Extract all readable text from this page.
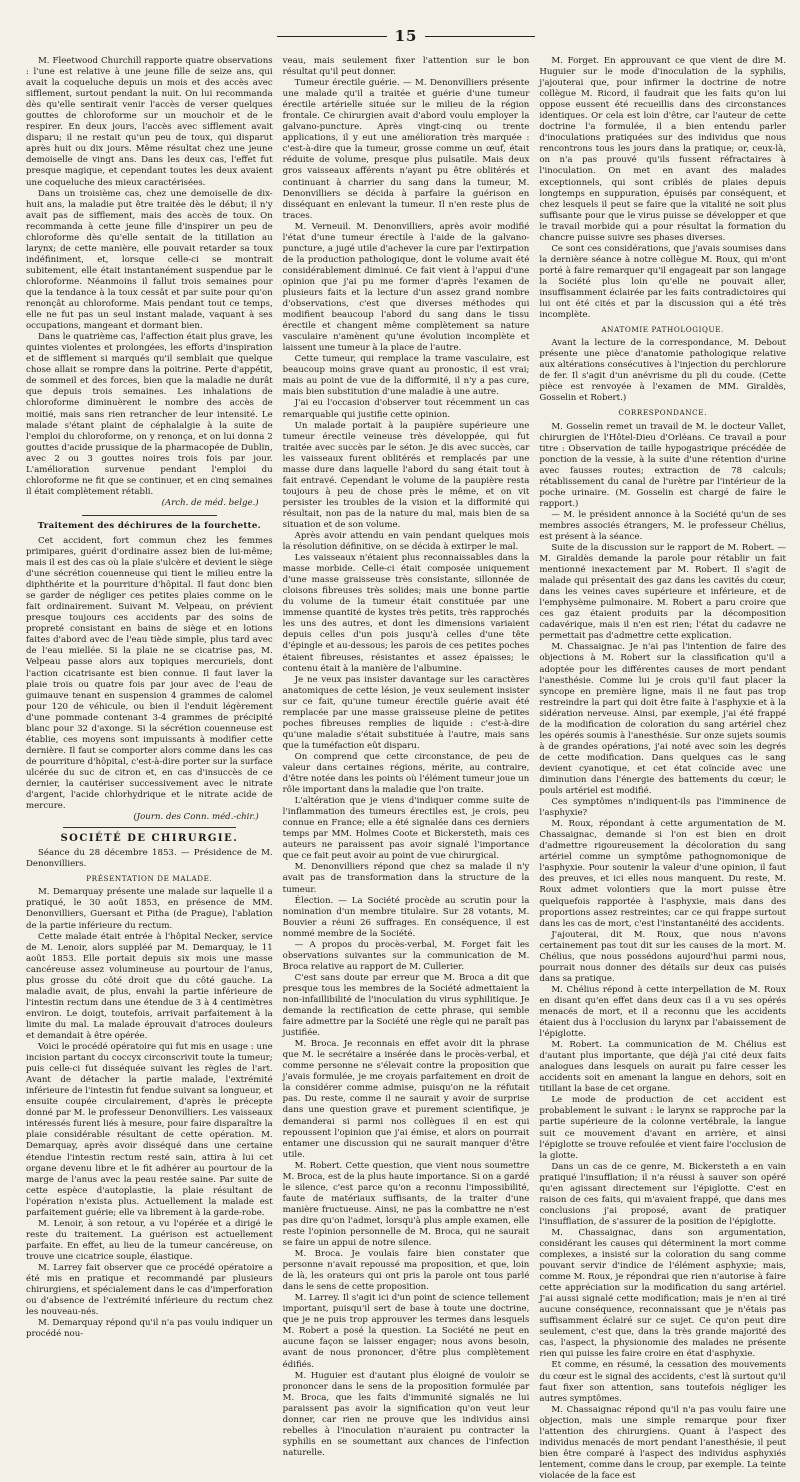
15

M. Fleetwood Churchill rapporte quatre observations : l'une est relative à une jeune fille de seize ans, qui avait la coqueluche depuis un mois et des accès avec sifflement, surtout pendant la nuit. On lui recommanda dès qu'elle sentirait venir l'accès de verser quelques gouttes de chloroforme sur un mouchoir et de le respirer. En deux jours, l'accès avec sifflement avait disparu; il ne restait qu'un peu de toux, qui disparut après huit ou dix jours. Même résultat chez une jeune demoiselle de vingt ans. Dans les deux cas, l'effet fut presque magique, et cependant toutes les deux avaient une coqueluche des mieux caractérisées.

Dans un troisième cas, chez une demoiselle de dix-huit ans, la maladie put être traitée dès le début; il n'y avait pas de sifflement, mais des accès de toux. On recommanda à cette jeune fille d'inspirer un peu de chloroforme dès qu'elle sentait de la titillation au larynx; de cette manière, elle pouvait retarder sa toux indéfiniment, et, lorsque celle-ci se montrait subitement, elle était instantanément suspendue par le chloroforme. Néanmoins il fallut trois semaines pour que la tendance à la toux cessât et par suite pour qu'on renonçât au chloroforme. Mais pendant tout ce temps, elle ne fut pas un seul instant malade, vaquant à ses occupations, mangeant et dormant bien.

Dans le quatrième cas, l'affection était plus grave, les quintes violentes et prolongées, les efforts d'inspiration et de sifflement si marqués qu'il semblait que quelque chose allait se rompre dans la poitrine. Perte d'appétit, de sommeil et des forces, bien que la maladie ne durât que depuis trois semaines. Les inhalations de chloroforme diminuèrent le nombre des accès de moitié, mais sans rien retrancher de leur intensité. Le malade s'étant plaint de céphalalgie à la suite de l'emploi du chloroforme, on y renonça, et on lui donna 2 gouttes d'acide prussique de la pharmacopée de Dublin, avec 2 ou 3 gouttes noires trois fois par jour. L'amélioration survenue pendant l'emploi du chloroforme ne fit que se continuer, et en cinq semaines il était complètement rétabli.

(Arch. de méd. belge.)

Traitement des déchirures de la fourchette.

Cet accident, fort commun chez les femmes primipares, guérit d'ordinaire assez bien de lui-même; mais il est des cas où la plaie s'ulcère et devient le siège d'une sécrétion couenneuse qui tient le milieu entre la diphthérite et la pourriture d'hôpital. Il faut donc bien se garder de négliger ces petites plaies comme on le fait ordinairement. Suivant M. Velpeau, on prévient presque toujours ces accidents par des soins de propreté consistant en bains de siège et en lotions faites d'abord avec de l'eau tiède simple, plus tard avec de l'eau miellée. Si la plaie ne se cicatrise pas, M. Velpeau passe alors aux topiques mercuriels, dont l'action cicatrisante est bien connue. Il faut laver la plaie trois ou quatre fois par jour avec de l'eau de guimauve tenant en suspension 4 grammes de calomel pour 120 de véhicule, ou bien il l'enduit légèrement d'une pommade contenant 3-4 grammes de précipité blanc pour 32 d'axonge. Si la sécrétion couenneuse est établie, ces moyens sont impuissants à modifier cette dernière. Il faut se comporter alors comme dans les cas de pourriture d'hôpital, c'est-à-dire porter sur la surface ulcérée du suc de citron et, en cas d'insuccès de ce dernier, la cautériser successivement avec le nitrate d'argent, l'acide chlorhydrique et le nitrate acide de mercure.

(Journ. des Conn. méd.-chir.)

SOCIÉTÉ DE CHIRURGIE.

Séance du 28 décembre 1853. — Présidence de M. Denonvilliers.

PRÉSENTATION DE MALADE.

M. Demarquay présente une malade sur laquelle il a pratiqué, le 30 août 1853, en présence de MM. Denonvilliers, Guersant et Pitha (de Prague), l'ablation de la partie inférieure du rectum.

Cette malade était entrée à l'hôpital Necker, service de M. Lenoir, alors suppléé par M. Demarquay, le 11 août 1853. Elle portait depuis six mois une masse cancéreuse assez volumineuse au pourtour de l'anus, plus grosse du côté droit que du côté gauche. La maladie avait, de plus, envahi la partie inférieure de l'intestin rectum dans une étendue de 3 à 4 centimètres environ. Le doigt, toutefois, arrivait parfaitement à la limite du mal. La malade éprouvait d'atroces douleurs et demandait à être opérée.

Voici le procédé opératoire qui fut mis en usage : une incision partant du coccyx circonscrivit toute la tumeur; puis celle-ci fut disséquée suivant les règles de l'art. Avant de détacher la partie malade, l'extrémité inférieure de l'intestin fut fendue suivant sa longueur, et ensuite coupée circulairement, d'après le précepte donné par M. le professeur Denonvilliers. Les vaisseaux intéressés furent liés à mesure, pour faire disparaître la plaie considérable résultant de cette opération. M. Demarquay, après avoir disséqué dans une certaine étendue l'intestin rectum resté sain, attira à lui cet organe devenu libre et le fit adhérer au pourtour de la marge de l'anus avec la peau restée saine. Par suite de cette espèce d'autoplastie, la plaie résultant de l'opération n'exista plus. Actuellement la malade est parfaitement guérie; elle va librement à la garde-robe.

M. Lenoir, à son retour, a vu l'opérée et a dirigé le reste du traitement. La guérison est actuellement parfaite. En effet, au lieu de la tumeur cancéreuse, on trouve une cicatrice souple, élastique.

M. Larrey fait observer que ce procédé opératoire a été mis en pratique et recommandé par plusieurs chirurgiens, et spécialement dans le cas d'imperforation ou d'absence de l'extrémité inférieure du rectum chez les nouveau-nés.

M. Demarquay répond qu'il n'a pas voulu indiquer un procédé nou-

veau, mais seulement fixer l'attention sur le bon résultat qu'il peut donner.

Tumeur érectile guérie. — M. Denonvilliers présente une malade qu'il a traitée et guérie d'une tumeur érectile artérielle située sur le milieu de la région frontale. Ce chirurgien avait d'abord voulu employer la galvano-puncture. Après vingt-cinq ou trente applications, il y eut une amélioration très marquée : c'est-à-dire que la tumeur, grosse comme un œuf, était réduite de volume, presque plus pulsatile. Mais deux gros vaisseaux afférents n'ayant pu être oblitérés et continuant à charrier du sang dans la tumeur, M. Denonvilliers se décida à parfaire la guérison en disséquant en enlevant la tumeur. Il n'en reste plus de traces.

M. Verneuil. M. Denonvilliers, après avoir modifié l'état d'une tumeur érectile à l'aide de la galvano-puncture, a jugé utile d'achever la cure par l'extirpation de la production pathologique, dont le volume avait été considérablement diminué. Ce fait vient à l'appui d'une opinion que j'ai pu me former d'après l'examen de plusieurs faits et la lecture d'un assez grand nombre d'observations, c'est que diverses méthodes qui modifient beaucoup l'abord du sang dans le tissu érectile et changent même complètement sa nature vasculaire n'amènent qu'une évolution incomplète et laissent une tumeur à la place de l'autre.

Cette tumeur, qui remplace la trame vasculaire, est beaucoup moins grave quant au pronostic, il est vrai; mais au point de vue de la difformité, il n'y a pas cure, mais bien substitution d'une maladie à une autre.

J'ai eu l'occasion d'observer tout récemment un cas remarquable qui justifie cette opinion.

Un malade portait à la paupière supérieure une tumeur érectile veineuse très développée, qui fut traitée avec succès par le séton. Je dis avec succès, car les vaisseaux furent oblitérés et remplacés par une masse dure dans laquelle l'abord du sang était tout à fait entravé. Cependant le volume de la paupière resta toujours à peu de chose près le même, et on vit persister les troubles de la vision et la difformité qui résultait, non pas de la nature du mal, mais bien de sa situation et de son volume.

Après avoir attendu en vain pendant quelques mois la résolution définitive, on se décida à extirper le mal.

Les vaisseaux n'étaient plus reconnaissables dans la masse morbide. Celle-ci était composée uniquement d'une masse graisseuse très consistante, sillonnée de cloisons fibreuses très solides; mais une bonne partie du volume de la tumeur était constituée par une immense quantité de kystes très petits, très rapprochés les uns des autres, et dont les dimensions variaient depuis celles d'un pois jusqu'à celles d'une tête d'épingle et au-dessous; les parois de ces petites poches étaient fibreuses, résistantes et assez épaisses; le contenu était à la manière de l'albumine.

Je ne veux pas insister davantage sur les caractères anatomiques de cette lésion, je veux seulement insister sur ce fait, qu'une tumeur érectile guérie avait été remplacée par une masse graisseuse pleine de petites poches fibreuses remplies de liquide : c'est-à-dire qu'une maladie s'était substituée à l'autre, mais sans que la tuméfaction eût disparu.

On comprend que cette circonstance, de peu de valeur dans certaines régions, mérite, au contraire, d'être notée dans les points où l'élément tumeur joue un rôle important dans la maladie que l'on traite.

L'altération que je viens d'indiquer comme suite de l'inflammation des tumeurs érectiles est, je crois, peu connue en France; elle a été signalée dans ces derniers temps par MM. Holmes Coote et Bickersteth, mais ces auteurs ne paraissent pas avoir signalé l'importance que ce fait peut avoir au point de vue chirurgical.

M. Denonvilliers répond que chez sa malade il n'y avait pas de transformation dans la structure de la tumeur.

Élection. — La Société procède au scrutin pour la nomination d'un membre titulaire. Sur 28 votants, M. Bouvier a réuni 26 suffrages. En conséquence, il est nommé membre de la Société.

— A propos du procès-verbal, M. Forget fait les observations suivantes sur la communication de M. Broca relative au rapport de M. Cullerier.

C'est sans doute par erreur que M. Broca a dit que presque tous les membres de la Société admettaient la non-infaillibilité de l'inoculation du virus syphilitique. Je demande la rectification de cette phrase, qui semble faire admettre par la Société une règle qui ne paraît pas justifiée.

M. Broca. Je reconnais en effet avoir dit la phrase que M. le secrétaire a insérée dans le procès-verbal, et comme personne ne s'élevait contre la proposition que j'avais formulée, je me croyais parfaitement en droit de la considérer comme admise, puisqu'on ne la réfutait pas. Du reste, comme il ne saurait y avoir de surprise dans une question grave et purement scientifique, je demanderai si parmi nos collègues il en est qui repoussent l'opinion que j'ai émise, et alors on pourrait entamer une discussion qui ne saurait manquer d'être utile.

M. Robert. Cette question, que vient nous soumettre M. Broca, est de la plus haute importance. Si on a gardé le silence, c'est parce qu'on a reconnu l'impossibilité, faute de matériaux suffisants, de la traiter d'une manière fructueuse. Ainsi, ne pas la combattre ne n'est pas dire qu'on l'admet, lorsqu'à plus ample examen, elle reste l'opinion personnelle de M. Broca, qui ne saurait se faire un appui de notre silence.

M. Broca. Je voulais faire bien constater que personne n'avait repoussé ma proposition, et que, loin de là, les orateurs qui ont pris la parole ont tous parlé dans le sens de cette proposition.

M. Larrey. Il s'agit ici d'un point de science tellement important, puisqu'il sert de base à toute une doctrine, que je ne puis trop approuver les termes dans lesquels M. Robert a posé la question. La Société ne peut en aucune façon se laisser engager; nous avons besoin, avant de nous prononcer, d'être plus complètement édifiés.

M. Huguier est d'autant plus éloigné de vouloir se prononcer dans le sens de la proposition formulée par M. Broca, que les faits d'immunité signalés ne lui paraissent pas avoir la signification qu'on veut leur donner, car rien ne prouve que les individus ainsi rebelles à l'inoculation n'auraient pu contracter la syphilis en se soumettant aux chances de l'infection naturelle.

M. Forget. En approuvant ce que vient de dire M. Huguier sur le mode d'inoculation de la syphilis, j'ajouterai que, pour infirmer la doctrine de notre collègue M. Ricord, il faudrait que les faits qu'on lui oppose eussent été recueillis dans des circonstances identiques. Or cela est loin d'être, car l'auteur de cette doctrine l'a formulée, il a bien entendu parler d'inoculations pratiquées sur des individus que nous rencontrons tous les jours dans la pratique; or, ceux-là, on n'a pas prouvé qu'ils fussent réfractaires à l'inoculation. On met en avant des malades exceptionnels, qui sont criblés de plaies depuis longtemps en suppuration, épuisés par conséquent, et chez lesquels il peut se faire que la vitalité ne soit plus suffisante pour que le virus puisse se développer et que le travail morbide qui a pour résultat la formation du chancre puisse suivre ses phases diverses.

Ce sont ces considérations, que j'avais soumises dans la dernière séance à notre collègue M. Roux, qui m'ont porté à faire remarquer qu'il engageait par son langage la Société plus loin qu'elle ne pouvait aller, insuffisamment éclairée par les faits contradictoires qui lui ont été cités et par la discussion qui a été très incomplète.

ANATOMIE PATHOLOGIQUE.

Avant la lecture de la correspondance, M. Debout présente une pièce d'anatomie pathologique relative aux altérations consécutives à l'injection du perchlorure de fer. Il s'agit d'un anévrisme du pli du coude. (Cette pièce est renvoyée à l'examen de MM. Giraldès, Gosselin et Robert.)

CORRESPONDANCE.

M. Gosselin remet un travail de M. le docteur Vallet, chirurgien de l'Hôtel-Dieu d'Orléans. Ce travail a pour titre : Observation de taille hypogastrique précédée de ponction de la vessie, à la suite d'une rétention d'urine avec fausses routes; extraction de 78 calculs; rétablissement du canal de l'urètre par l'intérieur de la poche urinaire. (M. Gosselin est chargé de faire le rapport.)

— M. le président annonce à la Société qu'un de ses membres associés étrangers, M. le professeur Chélius, est présent à la séance.

Suite de la discussion sur le rapport de M. Robert. — M. Giraldès demande la parole pour rétablir un fait mentionné inexactement par M. Robert. Il s'agit de malade qui présentait des gaz dans les cavités du cœur, dans les veines caves supérieure et inférieure, et de l'emphysème pulmonaire. M. Robert a paru croire que ces gaz étaient produits par la décomposition cadavérique, mais il n'en est rien; l'état du cadavre ne permettait pas d'admettre cette explication.

M. Chassaignac. Je n'ai pas l'intention de faire des objections à M. Robert sur la classification qu'il a adoptée pour les différentes causes de mort pendant l'anesthésie. Comme lui je crois qu'il faut placer la syncope en première ligne, mais il ne faut pas trop restreindre la part qui doit être faite à l'asphyxie et à la sidération nerveuse. Ainsi, par exemple, j'ai été frappé de la modification de coloration du sang artériel chez les opérés soumis à l'anesthésie. Sur onze sujets soumis à de grandes opérations, j'ai noté avec soin les degrés de cette modification. Dans quelques cas le sang devient cyanotique, et cet état coïncide avec une diminution dans l'énergie des battements du cœur; le pouls artériel est modifié.

Ces symptômes n'indiquent-ils pas l'imminence de l'asphyxie?

M. Roux, répondant à cette argumentation de M. Chassaignac, demande si l'on est bien en droit d'admettre rigoureusement la décoloration du sang artériel comme un symptôme pathognomonique de l'asphyxie. Pour soutenir la valeur d'une opinion, il faut des preuves, et ici elles nous manquent. Du reste, M. Roux admet volontiers que la mort puisse être quelquefois rapportée à l'asphyxie, mais dans des proportions assez restreintes; car ce qui frappe surtout dans les cas de mort, c'est l'instantanéité des accidents.

J'ajouterai, dit M. Roux, que nous n'avons certainement pas tout dit sur les causes de la mort. M. Chélius, que nous possédons aujourd'hui parmi nous, pourrait nous donner des détails sur deux cas puisés dans sa pratique.

M. Chélius répond à cette interpellation de M. Roux en disant qu'en effet dans deux cas il a vu ses opérés menacés de mort, et il a reconnu que les accidents étaient dus à l'occlusion du larynx par l'abaissement de l'épiglotte.

M. Robert. La communication de M. Chélius est d'autant plus importante, que déjà j'ai cité deux faits analogues dans lesquels on aurait pu faire cesser les accidents soit en amenant la langue en dehors, soit en titillant la base de cet organe.

Le mode de production de cet accident est probablement le suivant : le larynx se rapproche par la partie supérieure de la colonne vertébrale, la langue suit ce mouvement d'avant en arrière, et ainsi l'épiglotte se trouve refoulée et vient faire l'occlusion de la glotte.

Dans un cas de ce genre, M. Bickersteth a en vain pratiqué l'insufflation; il n'a réussi à sauver son opéré qu'en agissant directement sur l'épiglotte. C'est en raison de ces faits, qui m'avaient frappé, que dans mes conclusions j'ai proposé, avant de pratiquer l'insufflation, de s'assurer de la position de l'épiglotte.

M. Chassaignac, dans son argumentation, considérant les causes qui déterminent la mort comme complexes, a insisté sur la coloration du sang comme pouvant servir d'indice de l'élément asphyxie; mais, comme M. Roux, je répondrai que rien n'autorise à faire cette appréciation sur la modification du sang artériel. J'ai aussi signalé cette modification; mais je n'en ai tiré aucune conséquence, reconnaissant que je n'étais pas suffisamment éclairé sur ce sujet. Ce qu'on peut dire seulement, c'est que, dans la très grande majorité des cas, l'aspect, la physionomie des malades ne présente rien qui puisse les faire croire en état d'asphyxie.

Et comme, en résumé, la cessation des mouvements du cœur est le signal des accidents, c'est là surtout qu'il faut fixer son attention, sans toutefois négliger les autres symptômes.

M. Chassaignac répond qu'il n'a pas voulu faire une objection, mais une simple remarque pour fixer l'attention des chirurgiens. Quant à l'aspect des individus menacés de mort pendant l'anesthésie, il peut bien être comparé à l'aspect des individus asphyxiés lentement, comme dans le croup, par exemple. La teinte violacée de la face est
